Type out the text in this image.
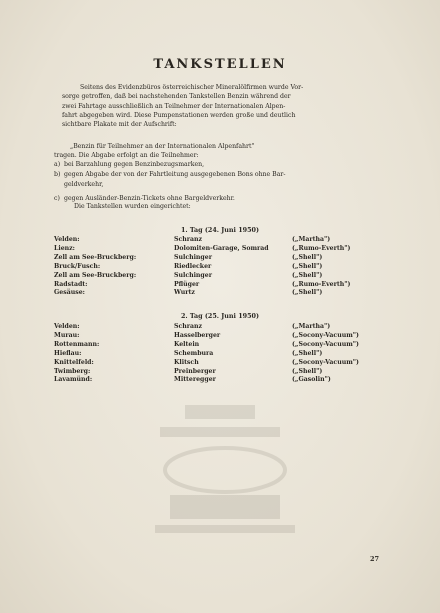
TANKSTELLEN

Seitens des Evidenzbüros österreichischer Mineralölfirmen wurde Vor-

sorge getroffen, daß bei nachstehenden Tankstellen Benzin während der

zwei Fahrtage ausschließlich an Teilnehmer der Internationalen Alpen-

fahrt abgegeben wird. Diese Pumpenstationen werden große und deutlich

sichtbare Plakate mit der Aufschrift:

„Benzin für Teilnehmer an der Internationalen Alpenfahrt"
tragen. Die Abgabe erfolgt an die Teilnehmer:
a) bei Barzahlung gegen Benzinbezugsmarken,
b) gegen Abgabe der von der Fahrtleitung ausgegebenen Bons ohne Bar-
geldverkehr,
c) gegen Ausländer-Benzin-Tickets ohne Bargeldverkehr.
Die Tankstellen wurden eingerichtet:
1. Tag (24. Juni 1950)
Velden:	Schranz	(„Martha")
Lienz:	Dolomiten-Garage, Somrad	(„Rumo-Everth")
Zell am See-Bruckberg:	Sulchinger	(„Shell")
Bruck/Fusch:	Riedlecker	(„Shell")
Zell am See-Bruckberg:	Sulchinger	(„Shell")
Radstadt:	Pflüger	(„Rumo-Everth")
Gesäuse:	Wurtz	(„Shell")
2. Tag (25. Juni 1950)
Velden:	Schranz	(„Martha")
Murau:	Hasselberger	(„Socony-Vacuum")
Rottenmann:	Keltein	(„Socony-Vacuum")
Hieflau:	Schembura	(„Shell")
Knittelfeld:	Klitsch	(„Socony-Vacuum")
Twimberg:	Preinberger	(„Shell")
Lavamünd:	Mitteregger	(„Gasolin")
27
